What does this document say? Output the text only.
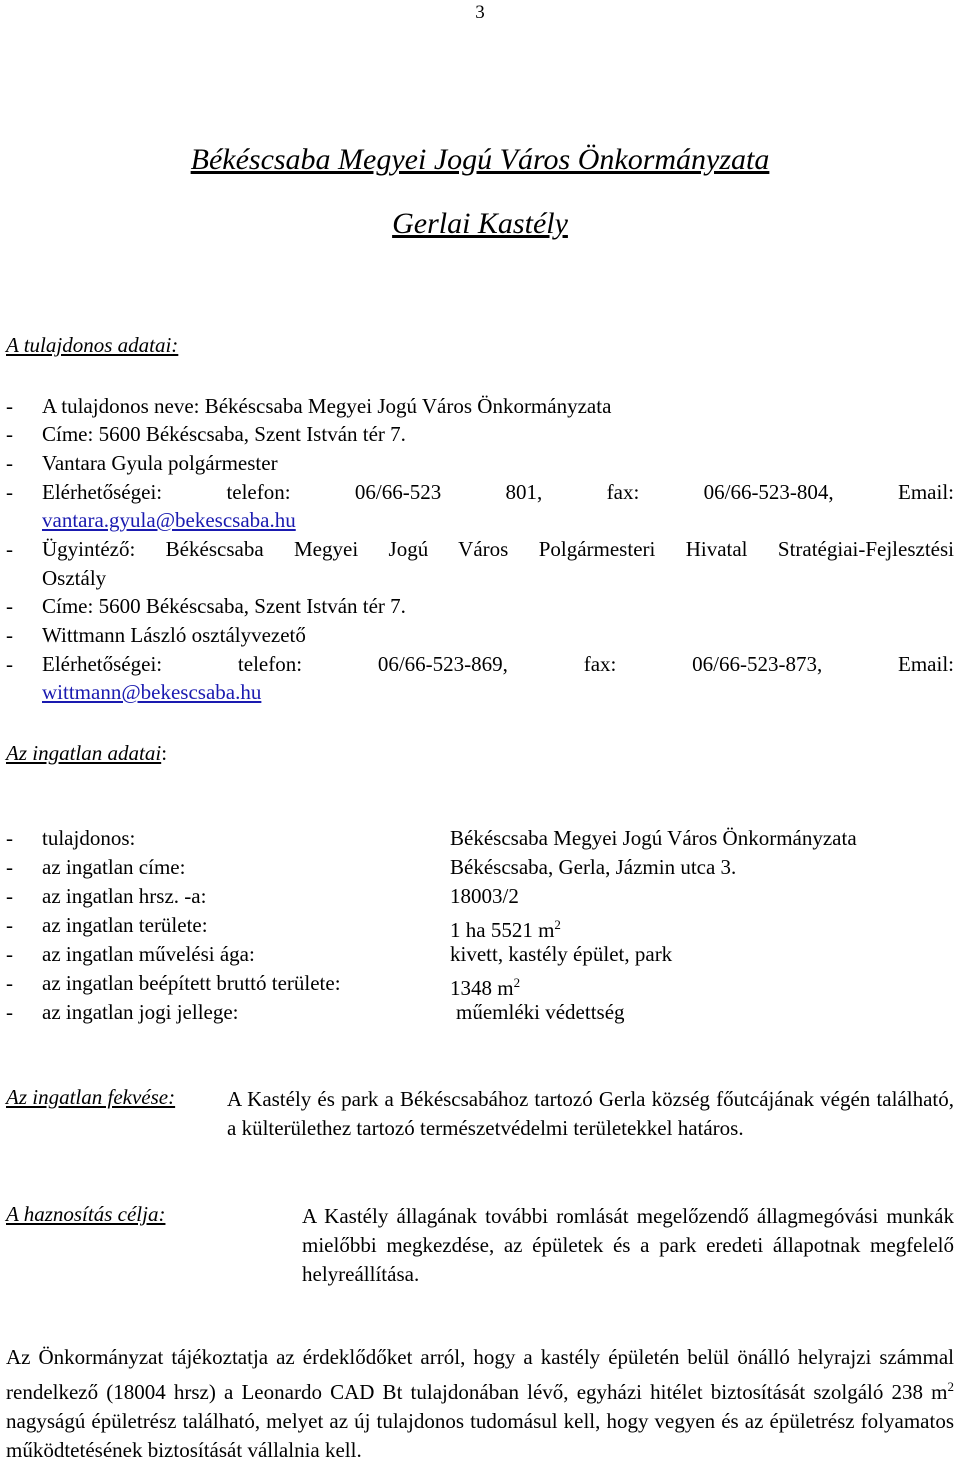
3
Békéscsaba Megyei Jogú Város Önkormányzata
Gerlai Kastély
A tulajdonos adatai:
- A tulajdonos neve: Békéscsaba Megyei Jogú Város Önkormányzata
- Címe: 5600 Békéscsaba, Szent István tér 7.
- Vantara Gyula polgármester
- Elérhetőségei: telefon: 06/66-523 801, fax: 06/66-523-804, Email:
vantara.gyula@bekescsaba.hu
- Ügyintéző: Békéscsaba Megyei Jogú Város Polgármesteri Hivatal Stratégiai-Fejlesztési
Osztály
- Címe: 5600 Békéscsaba, Szent István tér 7.
- Wittmann László osztályvezető
- Elérhetőségei: telefon: 06/66-523-869, fax: 06/66-523-873, Email:
wittmann@bekescsaba.hu
Az ingatlan adatai:
- tulajdonos:	Békéscsaba Megyei Jogú Város Önkormányzata
- az ingatlan címe:	Békéscsaba, Gerla, Jázmin utca 3.
- az ingatlan hrsz. -a:	18003/2
- az ingatlan területe:	1 ha 5521 $m^2$
- az ingatlan művelési ága:	kivett, kastély épület, park
- az ingatlan beépített bruttó területe:	1348 $m^2$
- az ingatlan jogi jellege:	műemléki védettség
Az ingatlan fekvése: A Kastély és park a Békéscsabához tartozó Gerla község főutcájának végén található, a külterülethez tartozó természetvédelmi területekkel határos.
A haznosítás célja:	A Kastély állagának további romlását megelőzendő állagmegóvási munkák mielőbbi megkezdése, az épületek és a park eredeti állapotnak megfelelő helyreállítása.
Az Önkormányzat tájékoztatja az érdeklődőket arról, hogy a kastély épületén belül önálló helyrajzi számmal rendelkező (18004 hrsz) a Leonardo CAD Bt tulajdonában lévő, egyházi hitélet biztosítását szolgáló 238 $m^2$ nagyságú épületrész található, melyet az új tulajdonos tudomásul kell, hogy vegyen és az épületrész folyamatos működtetésének biztosítását vállalnia kell.
